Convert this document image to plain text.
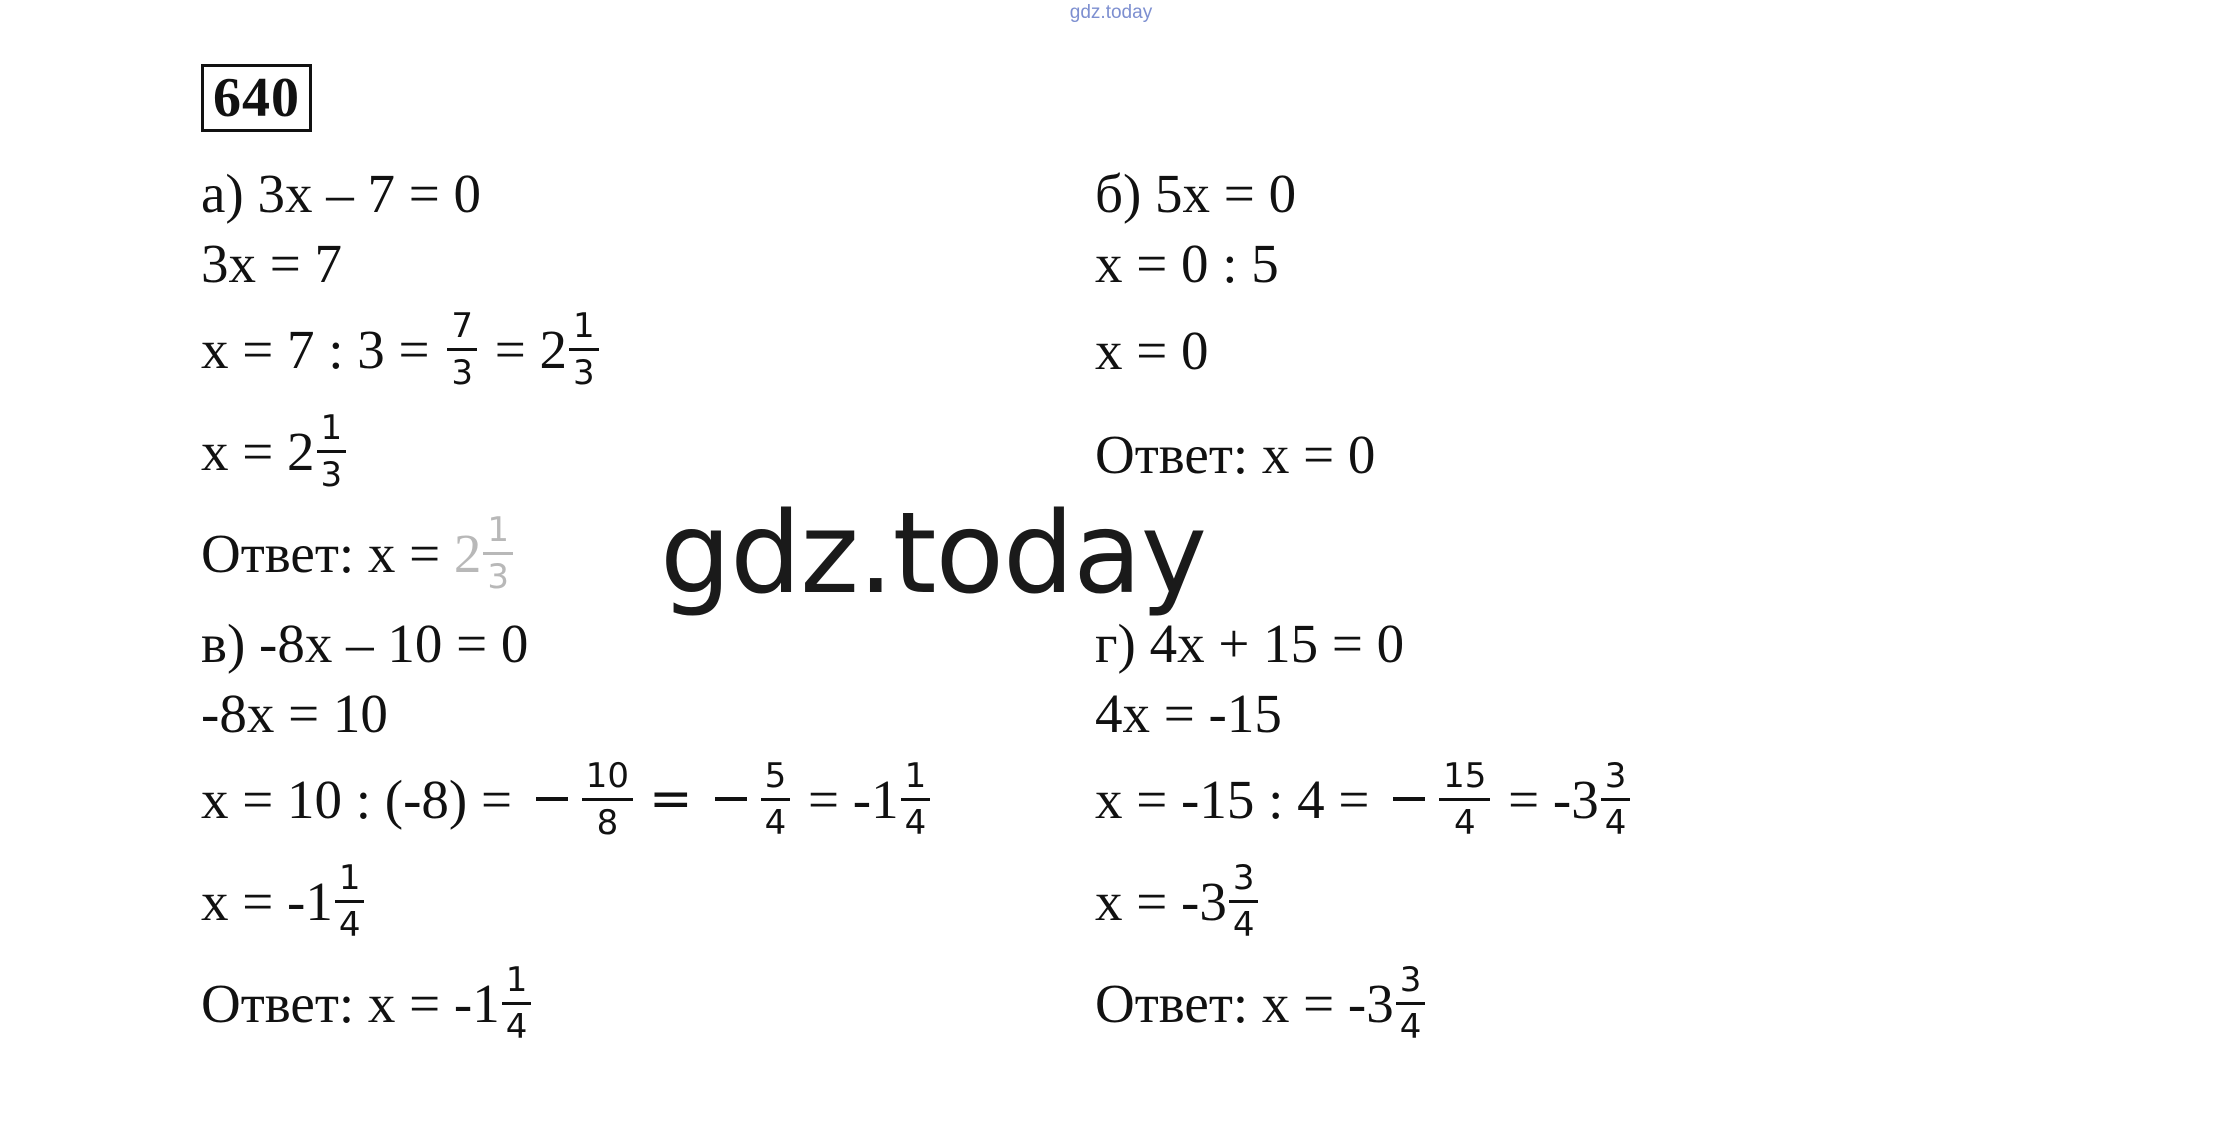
gdz.today
640
а) 3x – 7 = 0
3x = 7
x = 7 : $3 = \frac{7}{3} = 2 \frac{1}{3}$
$x = 2 \frac{1}{3}$
Ответ: $x = 2 \frac{1}{3}$
б) 5x = 0
x = 0 : 5
x = 0
Ответ: x = 0
в) -8x – 10 = 0
-8x = 10
x = 10 : $(-8) = \frac{10}{8} = \frac{5}{4} = -1 \frac{1}{4}$
$x = -1 \frac{1}{4}$
Ответ: $x = -1 \frac{1}{4}$
г) 4x + 15 = 0
4x = -15
x = -15 : $4 = \frac{15}{4} = -3 \frac{3}{4}$
$x = -3 \frac{3}{4}$
Ответ: $x = -3 \frac{3}{4}$
gdz.today
